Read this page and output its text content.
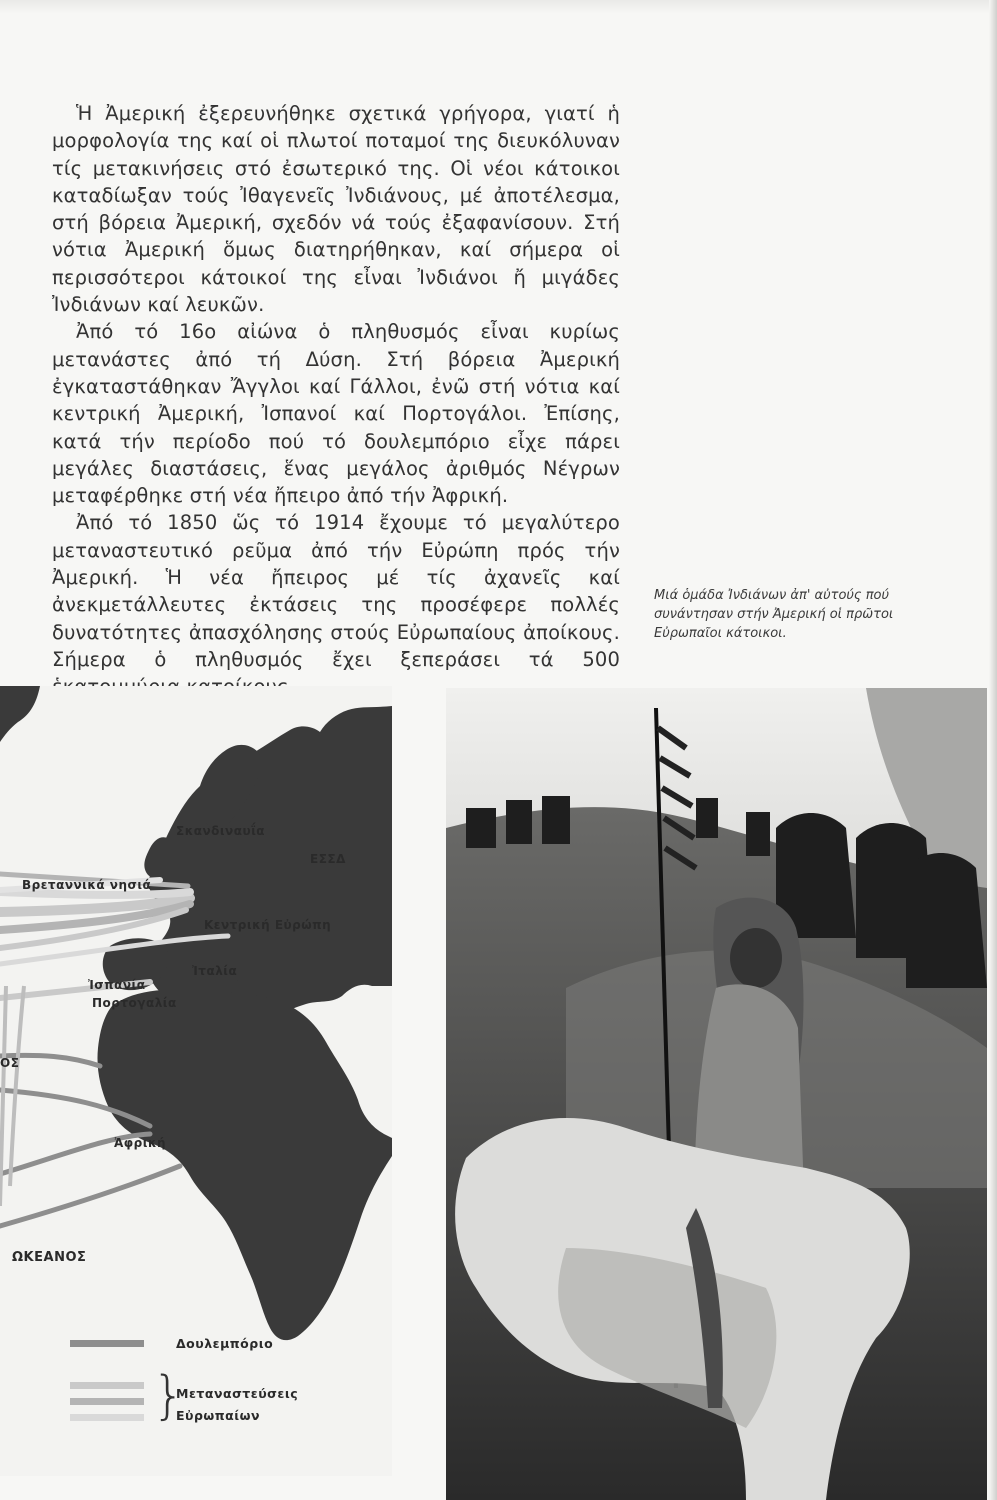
Ἡ Ἀμερική ἐξερευνήθηκε σχετικά γρήγορα, γιατί ἡ μορφολογία της καί οἱ πλωτοί ποταμοί της διευκόλυναν τίς μετακινήσεις στό ἐσωτερικό της. Οἱ νέοι κάτοικοι καταδίωξαν τούς Ἰθαγενεῖς Ἰνδιάνους, μέ ἀποτέλεσμα, στή βόρεια Ἀμερική, σχεδόν νά τούς ἐξαφανίσουν. Στή νότια Ἀμερική ὅμως διατηρήθηκαν, καί σήμερα οἱ περισσότεροι κάτοικοί της εἶναι Ἰνδιάνοι ἤ μιγάδες Ἰνδιάνων καί λευκῶν.

Ἀπό τό 16ο αἰώνα ὁ πληθυσμός εἶναι κυρίως μετανάστες ἀπό τή Δύση. Στή βόρεια Ἀμερική ἐγκαταστάθηκαν Ἄγγλοι καί Γάλλοι, ἐνῶ στή νότια καί κεντρική Ἀμερική, Ἰσπανοί καί Πορτογάλοι. Ἐπίσης, κατά τήν περίοδο πού τό δουλεμπόριο εἶχε πάρει μεγάλες διαστάσεις, ἕνας μεγάλος ἀριθμός Νέγρων μεταφέρθηκε στή νέα ἤπειρο ἀπό τήν Ἀφρική.

Ἀπό τό 1850 ὥς τό 1914 ἔχουμε τό μεγαλύτερο μεταναστευτικό ρεῦμα ἀπό τήν Εὐρώπη πρός τήν Ἀμερική. Ἡ νέα ἤπειρος μέ τίς ἀχανεῖς καί ἀνεκμετάλλευτες ἐκτάσεις της προσέφερε πολλές δυνατότητες ἀπασχόλησης στούς Εὐρωπαίους ἀποίκους. Σήμερα ὁ πληθυσμός ἔχει ξεπεράσει τά 500

Μιά ὁμάδα Ἰνδιάνων ἀπ' αὐτούς πού συνάντησαν στήν Ἀμερική οἱ πρῶτοι Εὐρωπαῖοι κάτοικοι.
Σκανδιναυΐα
ΕΣΣΔ
Βρεταννικά νησιά
Κεντρική Εὐρώπη
Ἰταλία
Ἰσπανία
Πορτογαλία
ΟΣ
Ἀφρική
ΩΚΕΑΝΟΣ
Δουλεμπόριο
}
Μεταναστεύσεις
Εὐρωπαίων
